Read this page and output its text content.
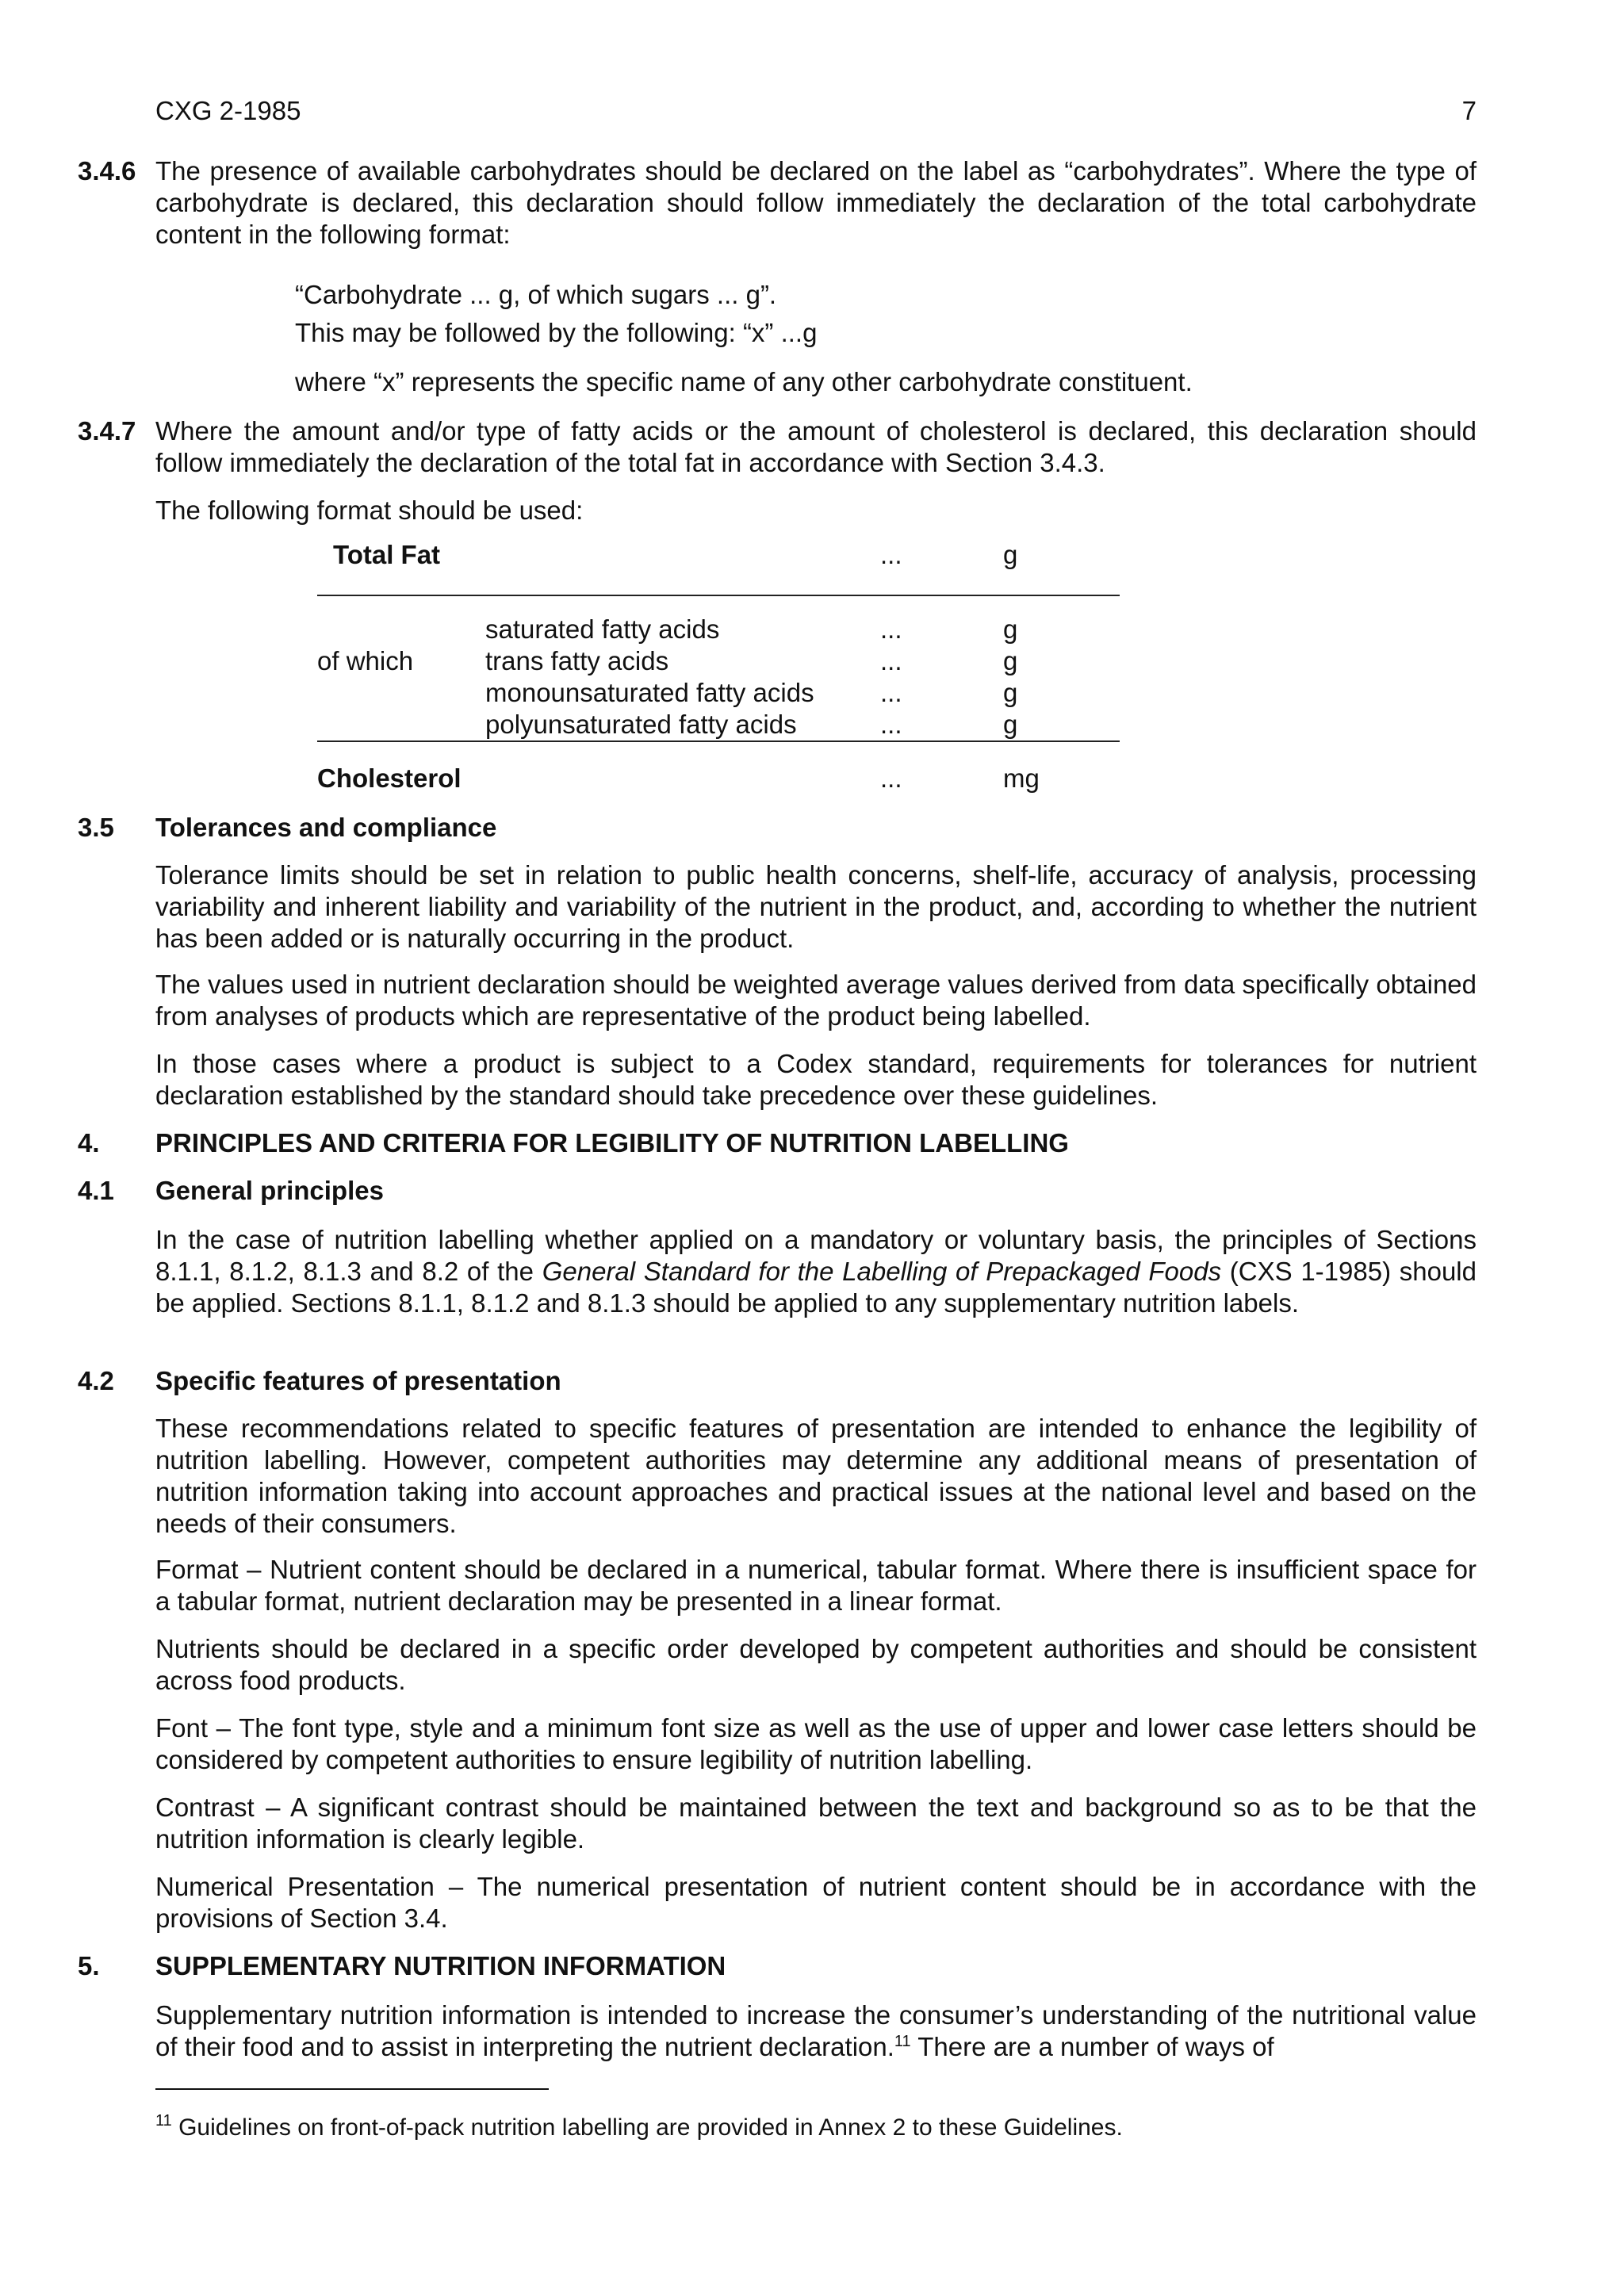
CXG 2-1985	7
3.4.6 The presence of available carbohydrates should be declared on the label as “carbohydrates”. Where the type of carbohydrate is declared, this declaration should follow immediately the declaration of the total carbohydrate content in the following format:
“Carbohydrate ... g, of which sugars ... g”.
This may be followed by the following: “x” ...g
where “x” represents the specific name of any other carbohydrate constituent.
3.4.7 Where the amount and/or type of fatty acids or the amount of cholesterol is declared, this declaration should follow immediately the declaration of the total fat in accordance with Section 3.4.3.
The following format should be used:
Total Fat		...	g

	saturated fatty acids	...	g
of which	trans fatty acids	...	g
	monounsaturated fatty acids	...	g
	polyunsaturated fatty acids	...	g
Cholesterol		...	mg
3.5 Tolerances and compliance
Tolerance limits should be set in relation to public health concerns, shelf-life, accuracy of analysis, processing variability and inherent liability and variability of the nutrient in the product, and, according to whether the nutrient has been added or is naturally occurring in the product.
The values used in nutrient declaration should be weighted average values derived from data specifically obtained from analyses of products which are representative of the product being labelled.
In those cases where a product is subject to a Codex standard, requirements for tolerances for nutrient declaration established by the standard should take precedence over these guidelines.
4. PRINCIPLES AND CRITERIA FOR LEGIBILITY OF NUTRITION LABELLING
4.1 General principles
In the case of nutrition labelling whether applied on a mandatory or voluntary basis, the principles of Sections 8.1.1, 8.1.2, 8.1.3 and 8.2 of the General Standard for the Labelling of Prepackaged Foods (CXS 1-1985) should be applied. Sections 8.1.1, 8.1.2 and 8.1.3 should be applied to any supplementary nutrition labels.
4.2 Specific features of presentation
These recommendations related to specific features of presentation are intended to enhance the legibility of nutrition labelling. However, competent authorities may determine any additional means of presentation of nutrition information taking into account approaches and practical issues at the national level and based on the needs of their consumers.
Format – Nutrient content should be declared in a numerical, tabular format. Where there is insufficient space for a tabular format, nutrient declaration may be presented in a linear format.
Nutrients should be declared in a specific order developed by competent authorities and should be consistent across food products.
Font – The font type, style and a minimum font size as well as the use of upper and lower case letters should be considered by competent authorities to ensure legibility of nutrition labelling.
Contrast – A significant contrast should be maintained between the text and background so as to be that the nutrition information is clearly legible.
Numerical Presentation – The numerical presentation of nutrient content should be in accordance with the provisions of Section 3.4.
5. SUPPLEMENTARY NUTRITION INFORMATION
Supplementary nutrition information is intended to increase the consumer’s understanding of the nutritional value of their food and to assist in interpreting the nutrient declaration.$^{11}$ There are a number of ways of
$^{11}$ Guidelines on front-of-pack nutrition labelling are provided in Annex 2 to these Guidelines.
